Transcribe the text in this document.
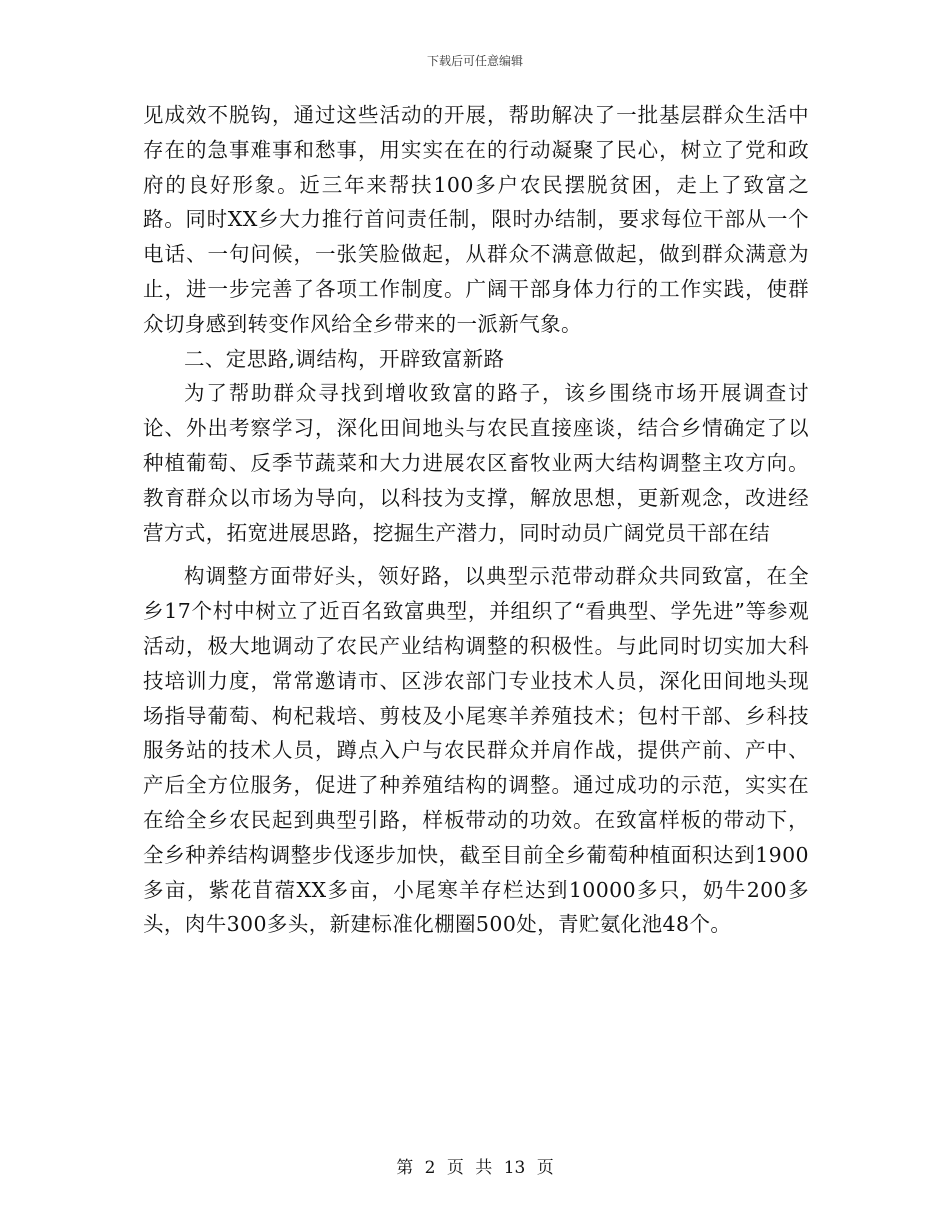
下载后可任意编辑

见成效不脱钩，通过这些活动的开展，帮助解决了一批基层群众生活中存在的急事难事和愁事，用实实在在的行动凝聚了民心，树立了党和政府的良好形象。近三年来帮扶100多户农民摆脱贫困，走上了致富之路。同时XX乡大力推行首问责任制，限时办结制，要求每位干部从一个电话、一句问候，一张笑脸做起，从群众不满意做起，做到群众满意为止，进一步完善了各项工作制度。广阔干部身体力行的工作实践，使群众切身感到转变作风给全乡带来的一派新气象。

二、定思路,调结构，开辟致富新路

为了帮助群众寻找到增收致富的路子，该乡围绕市场开展调查讨论、外出考察学习，深化田间地头与农民直接座谈，结合乡情确定了以种植葡萄、反季节蔬菜和大力进展农区畜牧业两大结构调整主攻方向。教育群众以市场为导向，以科技为支撑，解放思想，更新观念，改进经营方式，拓宽进展思路，挖掘生产潜力，同时动员广阔党员干部在结

构调整方面带好头，领好路，以典型示范带动群众共同致富，在全乡17个村中树立了近百名致富典型，并组织了“看典型、学先进”等参观活动，极大地调动了农民产业结构调整的积极性。与此同时切实加大科技培训力度，常常邀请市、区涉农部门专业技术人员，深化田间地头现场指导葡萄、枸杞栽培、剪枝及小尾寒羊养殖技术；包村干部、乡科技服务站的技术人员，蹲点入户与农民群众并肩作战，提供产前、产中、产后全方位服务，促进了种养殖结构的调整。通过成功的示范，实实在在给全乡农民起到典型引路，样板带动的功效。在致富样板的带动下，全乡种养结构调整步伐逐步加快，截至目前全乡葡萄种植面积达到1900多亩，紫花苜蓿XX多亩，小尾寒羊存栏达到10000多只，奶牛200多头，肉牛300多头，新建标准化棚圈500处，青贮氨化池48个。

第 2 页 共 13 页
